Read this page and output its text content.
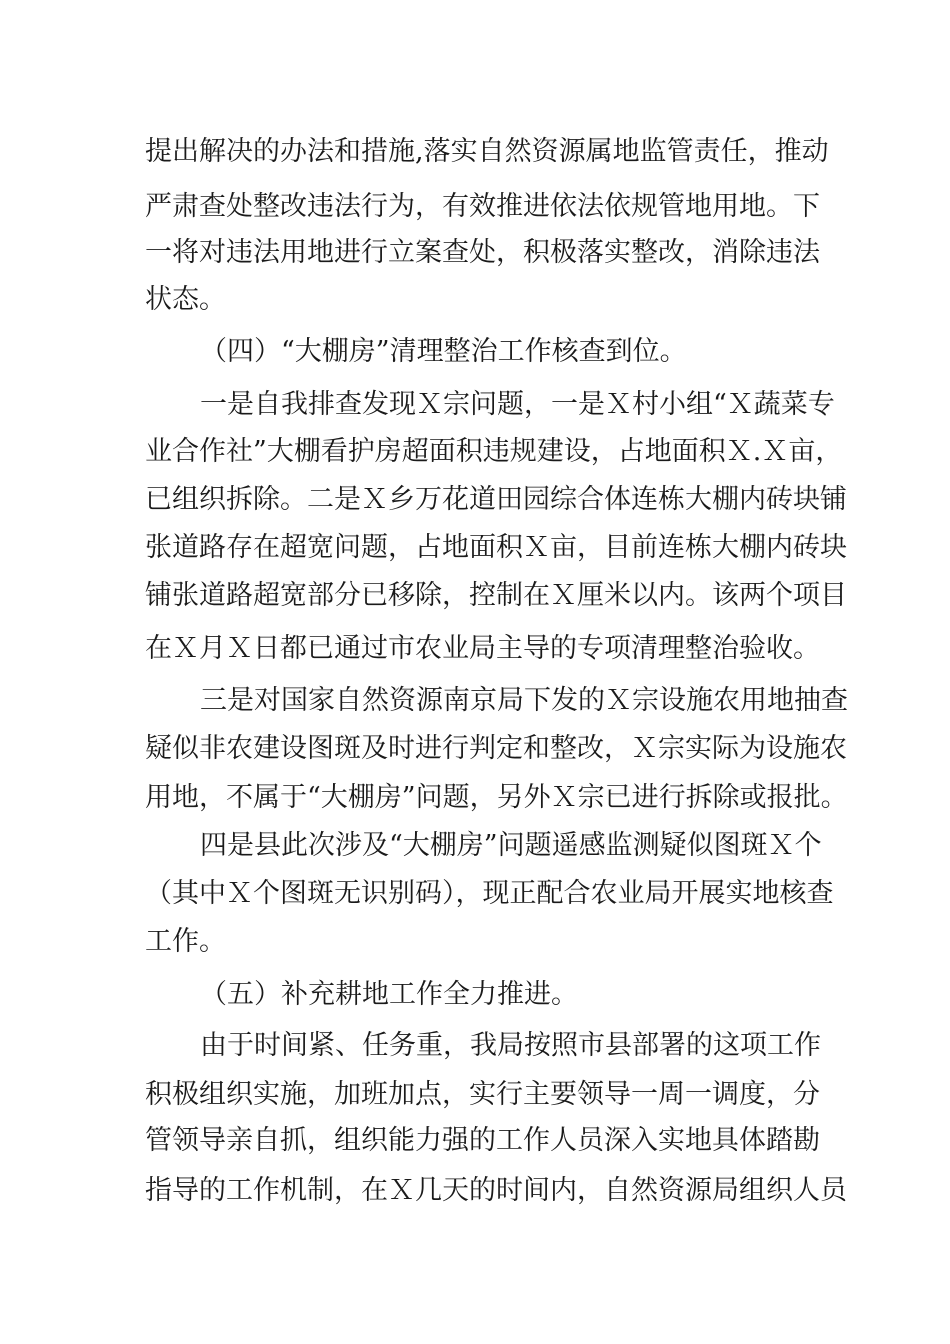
提出解决的办法和措施,落实自然资源属地监管责任，推动
严肃查处整改违法行为，有效推进依法依规管地用地。下
一将对违法用地进行立案查处，积极落实整改，消除违法
状态。
（四）“大棚房”清理整治工作核查到位。
一是自我排查发现Ｘ宗问题，一是Ｘ村小组“Ｘ蔬菜专
业合作社”大棚看护房超面积违规建设，占地面积Ｘ.Ｘ亩，
已组织拆除。二是Ｘ乡万花道田园综合体连栋大棚内砖块铺
张道路存在超宽问题，占地面积Ｘ亩，目前连栋大棚内砖块
铺张道路超宽部分已移除，控制在Ｘ厘米以内。该两个项目
在Ｘ月Ｘ日都已通过市农业局主导的专项清理整治验收。
三是对国家自然资源南京局下发的Ｘ宗设施农用地抽查
疑似非农建设图斑及时进行判定和整改，Ｘ宗实际为设施农
用地，不属于“大棚房”问题，另外Ｘ宗已进行拆除或报批。
四是县此次涉及“大棚房”问题遥感监测疑似图斑Ｘ个
（其中Ｘ个图斑无识别码），现正配合农业局开展实地核查
工作。
（五）补充耕地工作全力推进。
由于时间紧、任务重，我局按照市县部署的这项工作
积极组织实施，加班加点，实行主要领导一周一调度，分
管领导亲自抓，组织能力强的工作人员深入实地具体踏勘
指导的工作机制，在Ｘ几天的时间内，自然资源局组织人员
